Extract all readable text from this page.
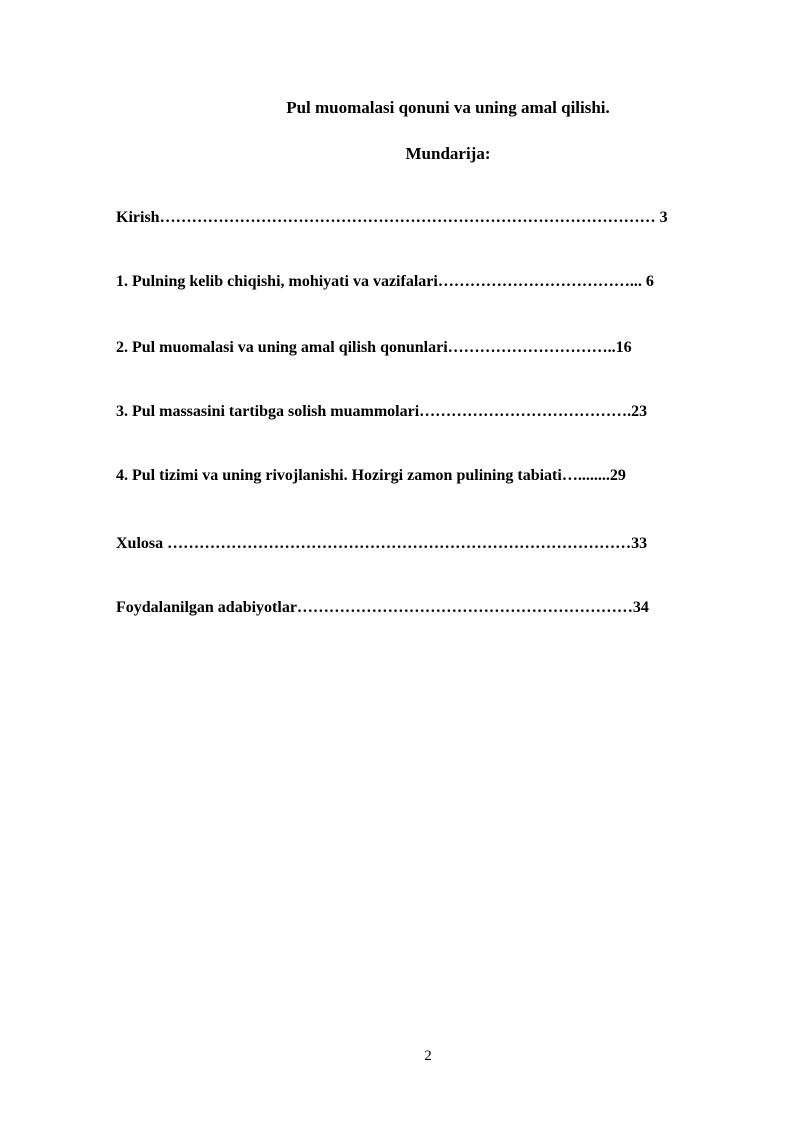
Pul muomalasi qonuni va uning amal qilishi.
Mundarija:
Kirish………………………………………………………………………………… 3
1. Pulning kelib chiqishi, mohiyati va vazifalari………………………………... 6
2. Pul muomalasi va uning amal qilish qonunlari…………………………..16
3. Pul massasini tartibga solish muammolari………………………………….23
4. Pul tizimi va uning rivojlanishi. Hozirgi zamon pulining tabiati…........29
Xulosa ……………………………………………………………………………33
Foydalanilgan adabiyotlar………………………………………………………34
2
